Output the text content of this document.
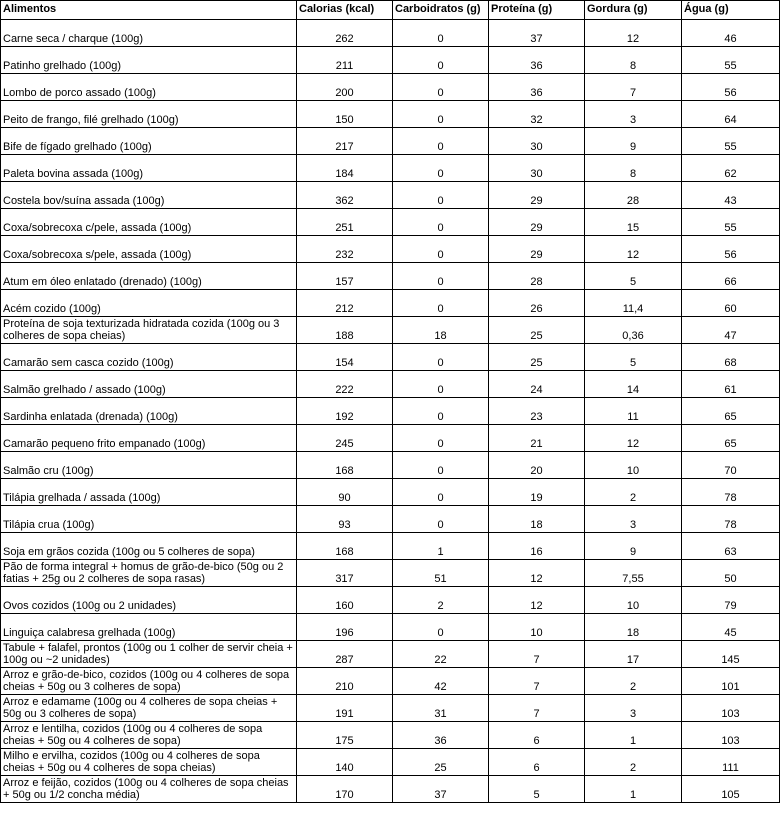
Alimentos	Calorias (kcal)	Carboidratos (g)	Proteína (g)	Gordura (g)	Água (g)
Carne seca / charque (100g)	262	0	37	12	46
Patinho grelhado (100g)	211	0	36	8	55
Lombo de porco assado (100g)	200	0	36	7	56
Peito de frango, filé grelhado (100g)	150	0	32	3	64
Bife de fígado grelhado (100g)	217	0	30	9	55
Paleta bovina assada (100g)	184	0	30	8	62
Costela bov/suína assada (100g)	362	0	29	28	43
Coxa/sobrecoxa c/pele, assada (100g)	251	0	29	15	55
Coxa/sobrecoxa s/pele, assada (100g)	232	0	29	12	56
Atum em óleo enlatado (drenado) (100g)	157	0	28	5	66
Acém cozido (100g)	212	0	26	11,4	60
Proteína de soja texturizada hidratada cozida (100g ou 3 colheres de sopa cheias)	188	18	25	0,36	47
Camarão sem casca cozido (100g)	154	0	25	5	68
Salmão grelhado / assado (100g)	222	0	24	14	61
Sardinha enlatada (drenada) (100g)	192	0	23	11	65
Camarão pequeno frito empanado (100g)	245	0	21	12	65
Salmão cru (100g)	168	0	20	10	70
Tilápia grelhada / assada (100g)	90	0	19	2	78
Tilápia crua (100g)	93	0	18	3	78
Soja em grãos cozida (100g ou 5 colheres de sopa)	168	1	16	9	63
Pão de forma integral + homus de grão-de-bico (50g ou 2 fatias + 25g ou 2 colheres de sopa rasas)	317	51	12	7,55	50
Ovos cozidos (100g ou 2 unidades)	160	2	12	10	79
Linguiça calabresa grelhada (100g)	196	0	10	18	45
Tabule + falafel, prontos (100g ou 1 colher de servir cheia + 100g ou ~2 unidades)	287	22	7	17	145
Arroz e grão-de-bico, cozidos (100g ou 4 colheres de sopa cheias + 50g ou 3 colheres de sopa)	210	42	7	2	101
Arroz e edamame (100g ou 4 colheres de sopa cheias + 50g ou 3 colheres de sopa)	191	31	7	3	103
Arroz e lentilha, cozidos (100g ou 4 colheres de sopa cheias + 50g ou 4 colheres de sopa)	175	36	6	1	103
Milho e ervilha, cozidos (100g ou 4 colheres de sopa cheias + 50g ou 4 colheres de sopa cheias)	140	25	6	2	111
Arroz e feijão, cozidos (100g ou 4 colheres de sopa cheias + 50g ou 1/2 concha média)	170	37	5	1	105
